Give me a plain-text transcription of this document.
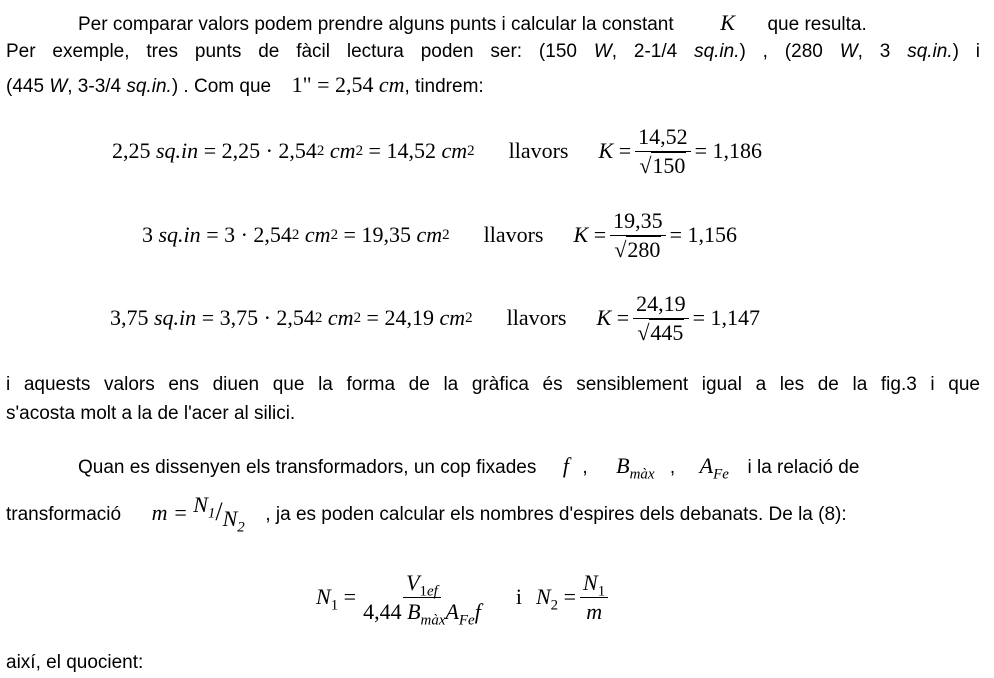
Per comparar valors podem prendre alguns punts i calcular la constant K que resulta.
Per exemple, tres punts de fàcil lectura poden ser: (150 W, 2-1/4 sq.in.) , (280 W, 3 sq.in.) i
(445 W, 3-3/4 sq.in.) . Com que 1" = 2,54 cm, tindrem:
2,25
sq.in
= 2,25 · 2,54 2
cm 2
= 14,52
cm 2 llavors K
= $\frac{14,52}{√150} = 1,186$
3
sq.in
= 3 · 2,54 2
cm 2
= 19,35
cm 2 llavors K
= $\frac{19,35}{√280} = 1,156$
3,75
sq.in
= 3,75 · 2,54 2
cm 2
= 24,19
cm 2 llavors K
= $\frac{24,19}{√445} = 1,147$
i aquests valors ens diuen que la forma de la gràfica és sensiblement igual a les de la fig.3 i que
s'acosta molt a la de l'acer al silici.
Quan es dissenyen els transformadors, un cop fixades f , $B_{màx}$ , $A_{Fe}$ i la relació de
transformació $m = N_1/N_2$  , ja es poden calcular els nombres d'espires dels debanats. De la (8):
$N_1$
= $\frac{V_{1ef}}{4,44 B_{màx}A_{Fe}f}$ i $N_2$
= $\frac{N_1}{m}$
així, el quocient:
